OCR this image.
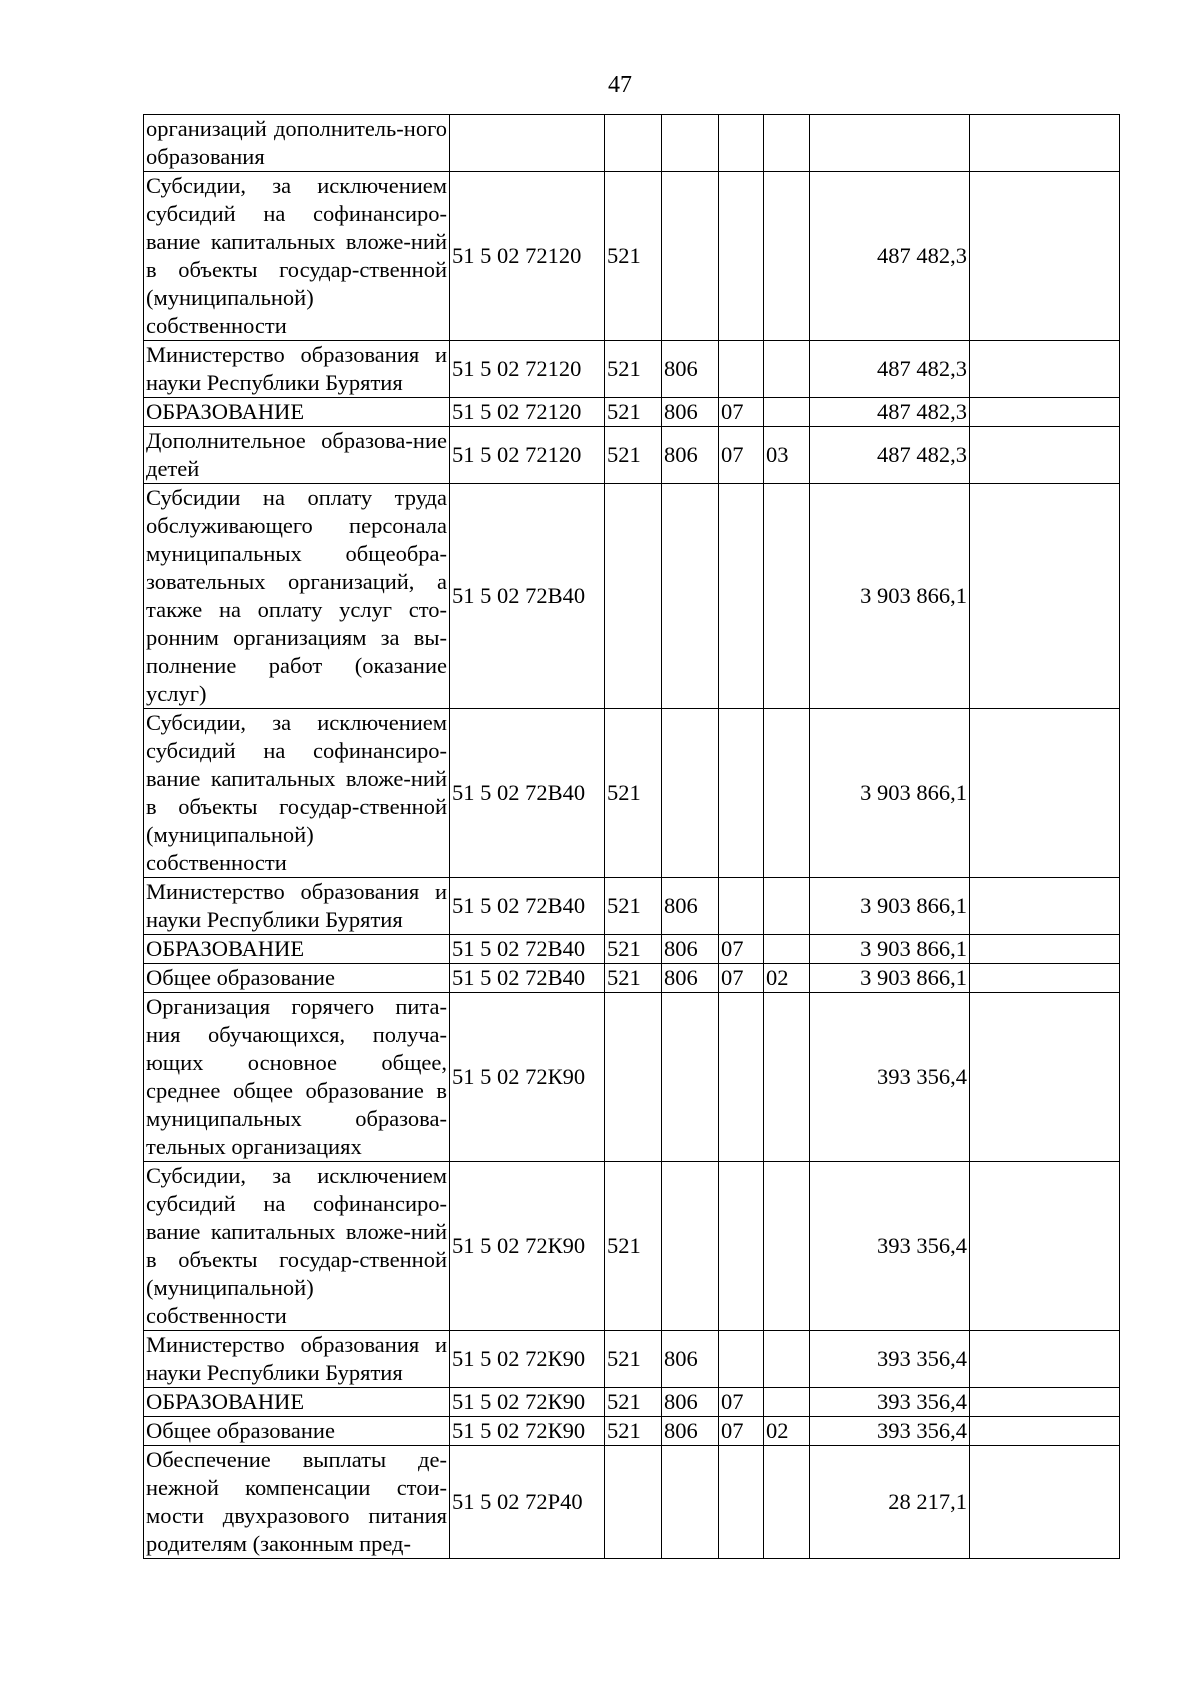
47
организаций дополнитель-ного образования							
Субсидии, за исключением субсидий на софинансиро-вание капитальных вложе-ний в объекты государ-ственной (муниципальной) собственности	51 5 02 72120	521				487 482,3	
Министерство образования и науки Республики Бурятия	51 5 02 72120	521	806			487 482,3	
ОБРАЗОВАНИЕ	51 5 02 72120	521	806	07		487 482,3	
Дополнительное образова-ние детей	51 5 02 72120	521	806	07	03	487 482,3	
Субсидии на оплату труда обслуживающего персонала муниципальных общеобра-зовательных организаций, а также на оплату услуг сто-ронним организациям за вы-полнение работ (оказание услуг)	51 5 02 72В40					3 903 866,1	
Субсидии, за исключением субсидий на софинансиро-вание капитальных вложе-ний в объекты государ-ственной (муниципальной) собственности	51 5 02 72В40	521				3 903 866,1	
Министерство образования и науки Республики Бурятия	51 5 02 72В40	521	806			3 903 866,1	
ОБРАЗОВАНИЕ	51 5 02 72В40	521	806	07		3 903 866,1	
Общее образование	51 5 02 72В40	521	806	07	02	3 903 866,1	
Организация горячего пита-ния обучающихся, получа-ющих основное общее, среднее общее образование в муниципальных образова-тельных организациях	51 5 02 72К90					393 356,4	
Субсидии, за исключением субсидий на софинансиро-вание капитальных вложе-ний в объекты государ-ственной (муниципальной) собственности	51 5 02 72К90	521				393 356,4	
Министерство образования и науки Республики Бурятия	51 5 02 72К90	521	806			393 356,4	
ОБРАЗОВАНИЕ	51 5 02 72К90	521	806	07		393 356,4	
Общее образование	51 5 02 72К90	521	806	07	02	393 356,4	
Обеспечение выплаты де-нежной компенсации стои-мости двухразового питания родителям (законным пред-	51 5 02 72Р40					28 217,1	
